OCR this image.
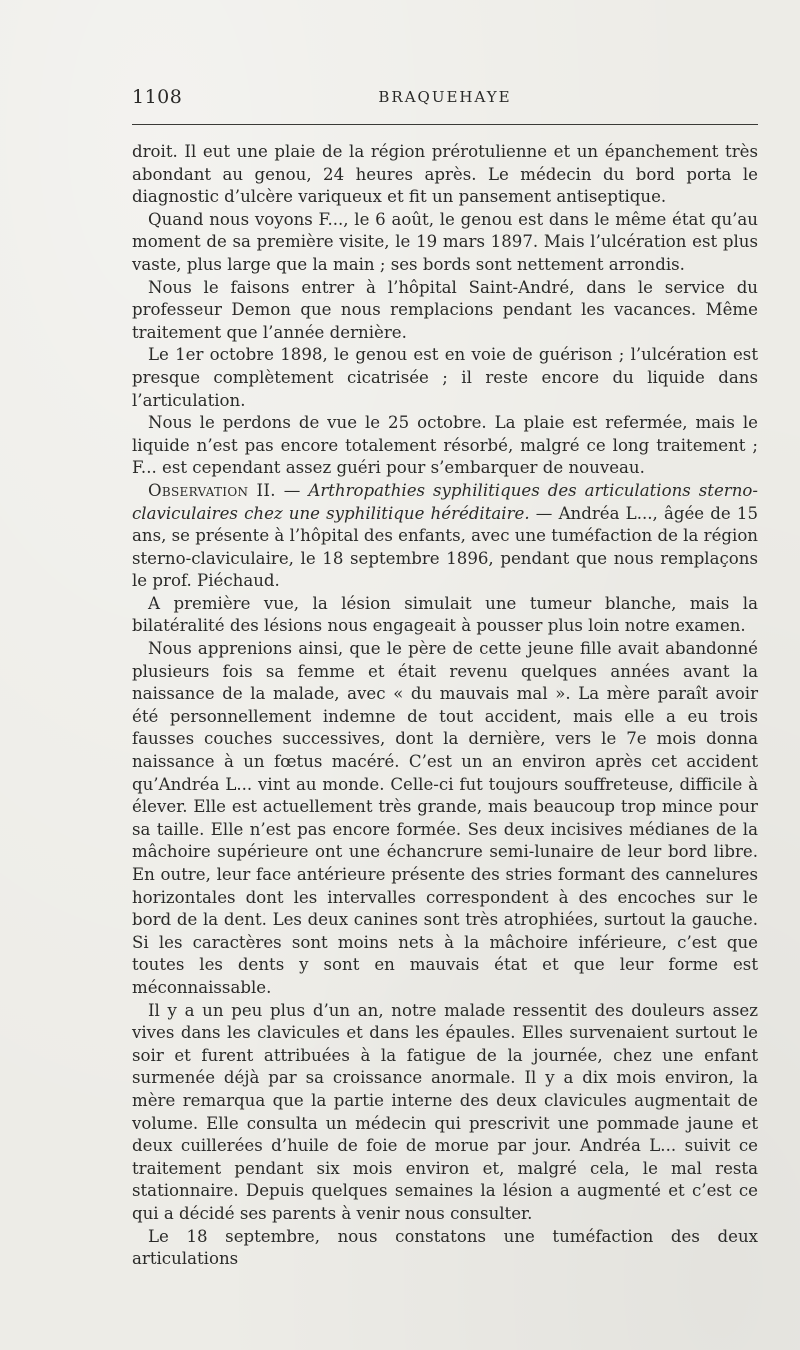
1108	BRAQUEHAYE

droit. Il eut une plaie de la région prérotulienne et un épanchement très abondant au genou, 24 heures après. Le médecin du bord porta le diagnostic d’ulcère variqueux et fit un pansement antiseptique.

Quand nous voyons F..., le 6 août, le genou est dans le même état qu’au moment de sa première visite, le 19 mars 1897. Mais l’ulcération est plus vaste, plus large que la main ; ses bords sont nettement arrondis.

Nous le faisons entrer à l’hôpital Saint-André, dans le service du professeur Demon que nous remplacions pendant les vacances. Même traitement que l’année dernière.

Le 1er octobre 1898, le genou est en voie de guérison ; l’ulcération est presque complètement cicatrisée ; il reste encore du liquide dans l’articulation.

Nous le perdons de vue le 25 octobre. La plaie est refermée, mais le liquide n’est pas encore totalement résorbé, malgré ce long traitement ; F... est cependant assez guéri pour s’embarquer de nouveau.

Observation II. — Arthropathies syphilitiques des articulations sterno-claviculaires chez une syphilitique héréditaire. — Andréa L..., âgée de 15 ans, se présente à l’hôpital des enfants, avec une tuméfaction de la région sterno-claviculaire, le 18 septembre 1896, pendant que nous remplaçons le prof. Piéchaud.

A première vue, la lésion simulait une tumeur blanche, mais la bilatéralité des lésions nous engageait à pousser plus loin notre examen.

Nous apprenions ainsi, que le père de cette jeune fille avait abandonné plusieurs fois sa femme et était revenu quelques années avant la naissance de la malade, avec « du mauvais mal ». La mère paraît avoir été personnellement indemne de tout accident, mais elle a eu trois fausses couches successives, dont la dernière, vers le 7e mois donna naissance à un fœtus macéré. C’est un an environ après cet accident qu’Andréa L... vint au monde. Celle-ci fut toujours souffreteuse, difficile à élever. Elle est actuellement très grande, mais beaucoup trop mince pour sa taille. Elle n’est pas encore formée. Ses deux incisives médianes de la mâchoire supérieure ont une échancrure semi-lunaire de leur bord libre. En outre, leur face antérieure présente des stries formant des cannelures horizontales dont les intervalles correspondent à des encoches sur le bord de la dent. Les deux canines sont très atrophiées, surtout la gauche. Si les caractères sont moins nets à la mâchoire inférieure, c’est que toutes les dents y sont en mauvais état et que leur forme est méconnaissable.

Il y a un peu plus d’un an, notre malade ressentit des douleurs assez vives dans les clavicules et dans les épaules. Elles survenaient surtout le soir et furent attribuées à la fatigue de la journée, chez une enfant surmenée déjà par sa croissance anormale. Il y a dix mois environ, la mère remarqua que la partie interne des deux clavicules augmentait de volume. Elle consulta un médecin qui prescrivit une pommade jaune et deux cuillerées d’huile de foie de morue par jour. Andréa L... suivit ce traitement pendant six mois environ et, malgré cela, le mal resta stationnaire. Depuis quelques semaines la lésion a augmenté et c’est ce qui a décidé ses parents à venir nous consulter.

Le 18 septembre, nous constatons une tuméfaction des deux articulations
